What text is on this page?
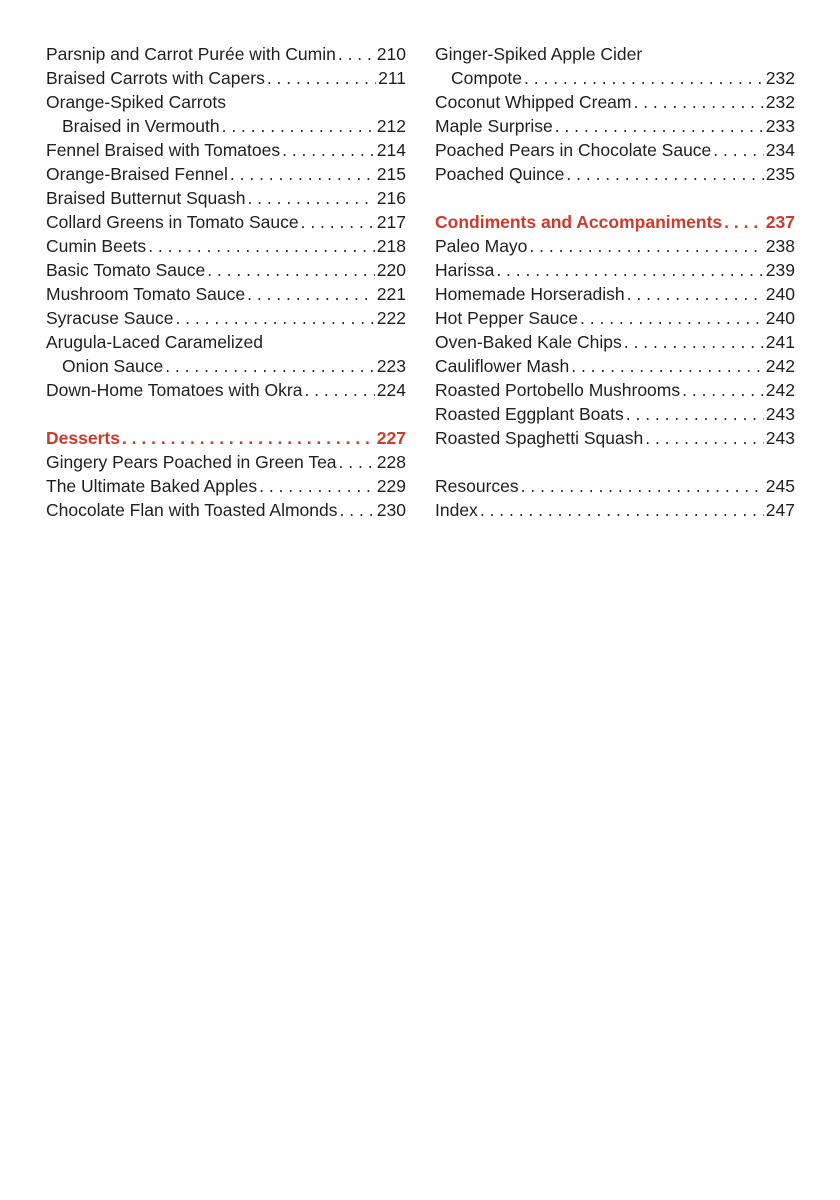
Parsnip and Carrot Purée with Cumin . . . 210
Braised Carrots with Capers . . .	211
Orange-Spiked Carrots
Braised in Vermouth . . .	212
Fennel Braised with Tomatoes . . .	214
Orange-Braised Fennel . . .	215
Braised Butternut Squash . . .	216
Collard Greens in Tomato Sauce . . .	217
Cumin Beets . . .	218
Basic Tomato Sauce . . .	220
Mushroom Tomato Sauce . . .	221
Syracuse Sauce . . .	222
Arugula-Laced Caramelized
Onion Sauce . . .	223
Down-Home Tomatoes with Okra . . .	224
Desserts . . .	227
Gingery Pears Poached in Green Tea . . . 228
The Ultimate Baked Apples . . .	229
Chocolate Flan with Toasted Almonds . . . 230
Ginger-Spiked Apple Cider
Compote . . .	232
Coconut Whipped Cream . . .	232
Maple Surprise . . .	233
Poached Pears in Chocolate Sauce . . .	234
Poached Quince . . .	235
Condiments and Accompaniments . . . 237
Paleo Mayo . . .	238
Harissa . . .	239
Homemade Horseradish . . .	240
Hot Pepper Sauce . . .	240
Oven-Baked Kale Chips . . .	241
Cauliflower Mash . . .	242
Roasted Portobello Mushrooms . . .	242
Roasted Eggplant Boats . . .	243
Roasted Spaghetti Squash . . .	243
Resources . . .	245
Index . . .	247
